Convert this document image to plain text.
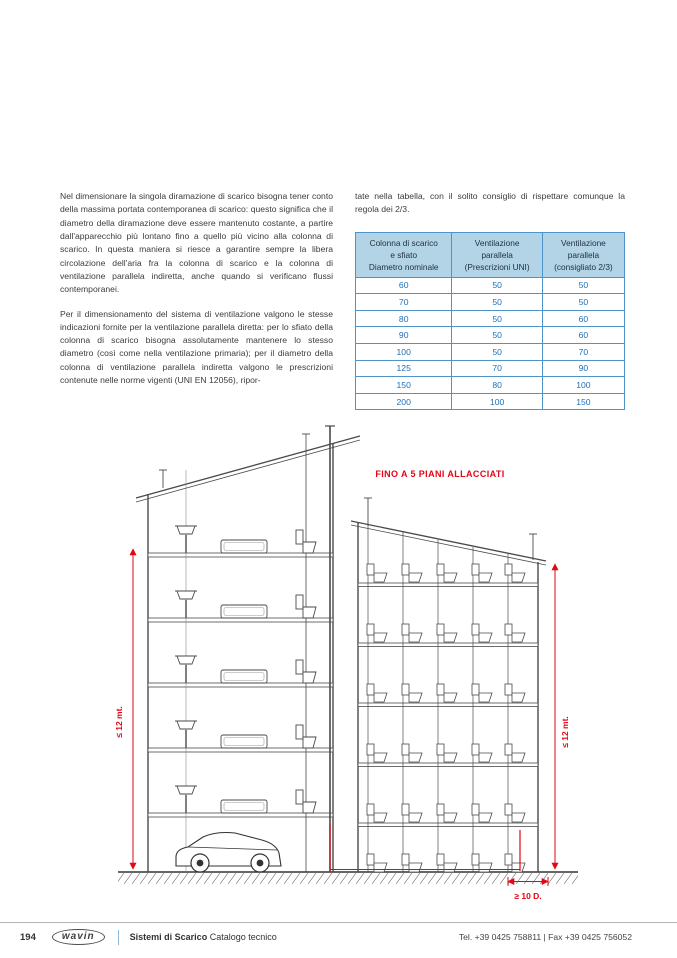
Nel dimensionare la singola diramazione di scarico bisogna tener conto della massima portata contemporanea di scarico: questo significa che il diametro della diramazione deve essere mantenuto costante, a partire dall'apparecchio più lontano fino a quello più vicino alla colonna di scarico. In questa maniera si riesce a garantire sempre la libera circolazione dell'aria fra la colonna di scarico e la colonna di ventilazione parallela indiretta, anche quando si verificano flussi contemporanei.

Per il dimensionamento del sistema di ventilazione valgono le stesse indicazioni fornite per la ventilazione parallela diretta: per lo sfiato della colonna di scarico bisogna assolutamente mantenere lo stesso diametro (così come nella ventilazione primaria); per il diametro della colonna di ventilazione parallela indiretta valgono le prescrizioni contenute nelle norme vigenti (UNI EN 12056), ripor-

tate nella tabella, con il solito consiglio di rispettare comunque la regola dei 2/3.

Colonna di scarico
e sfiato
Diametro nominale	Ventilazione
parallela
(Prescrizioni UNI)	Ventilazione
parallela
(consigliato 2/3)
60	50	50
70	50	50
80	50	60
90	50	60
100	50	70
125	70	90
150	80	100
200	100	150
≤ 12 mt.	≤ 12 mt.
≥ 10 D.
FINO A 5 PIANI ALLACCIATI
194	wavin	Sistemi di Scarico Catalogo tecnico	Tel. +39 0425 758811 | Fax +39 0425 756052
